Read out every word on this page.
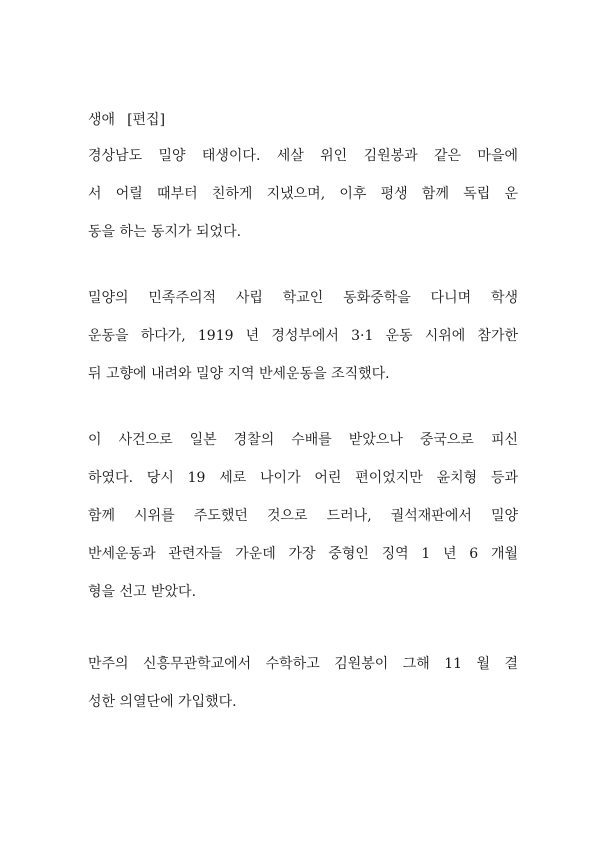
생애 [편집]
경상남도 밀양 태생이다. 세살 위인 김원봉과 같은 마을에
서 어릴 때부터 친하게 지냈으며, 이후 평생 함께 독립 운
동을 하는 동지가 되었다.
밀양의 민족주의적 사립 학교인 동화중학을 다니며 학생
운동을 하다가, 1919 년 경성부에서 3·1 운동 시위에 참가한
뒤 고향에 내려와 밀양 지역 반세운동을 조직했다.
이 사건으로 일본 경찰의 수배를 받았으나 중국으로 피신
하였다. 당시 19 세로 나이가 어린 편이었지만 윤치형 등과
함께 시위를 주도했던 것으로 드러나, 궐석재판에서 밀양
반세운동과 관련자들 가운데 가장 중형인 징역 1 년 6 개월
형을 선고 받았다.
만주의 신흥무관학교에서 수학하고 김원봉이 그해 11 월 결
성한 의열단에 가입했다.
